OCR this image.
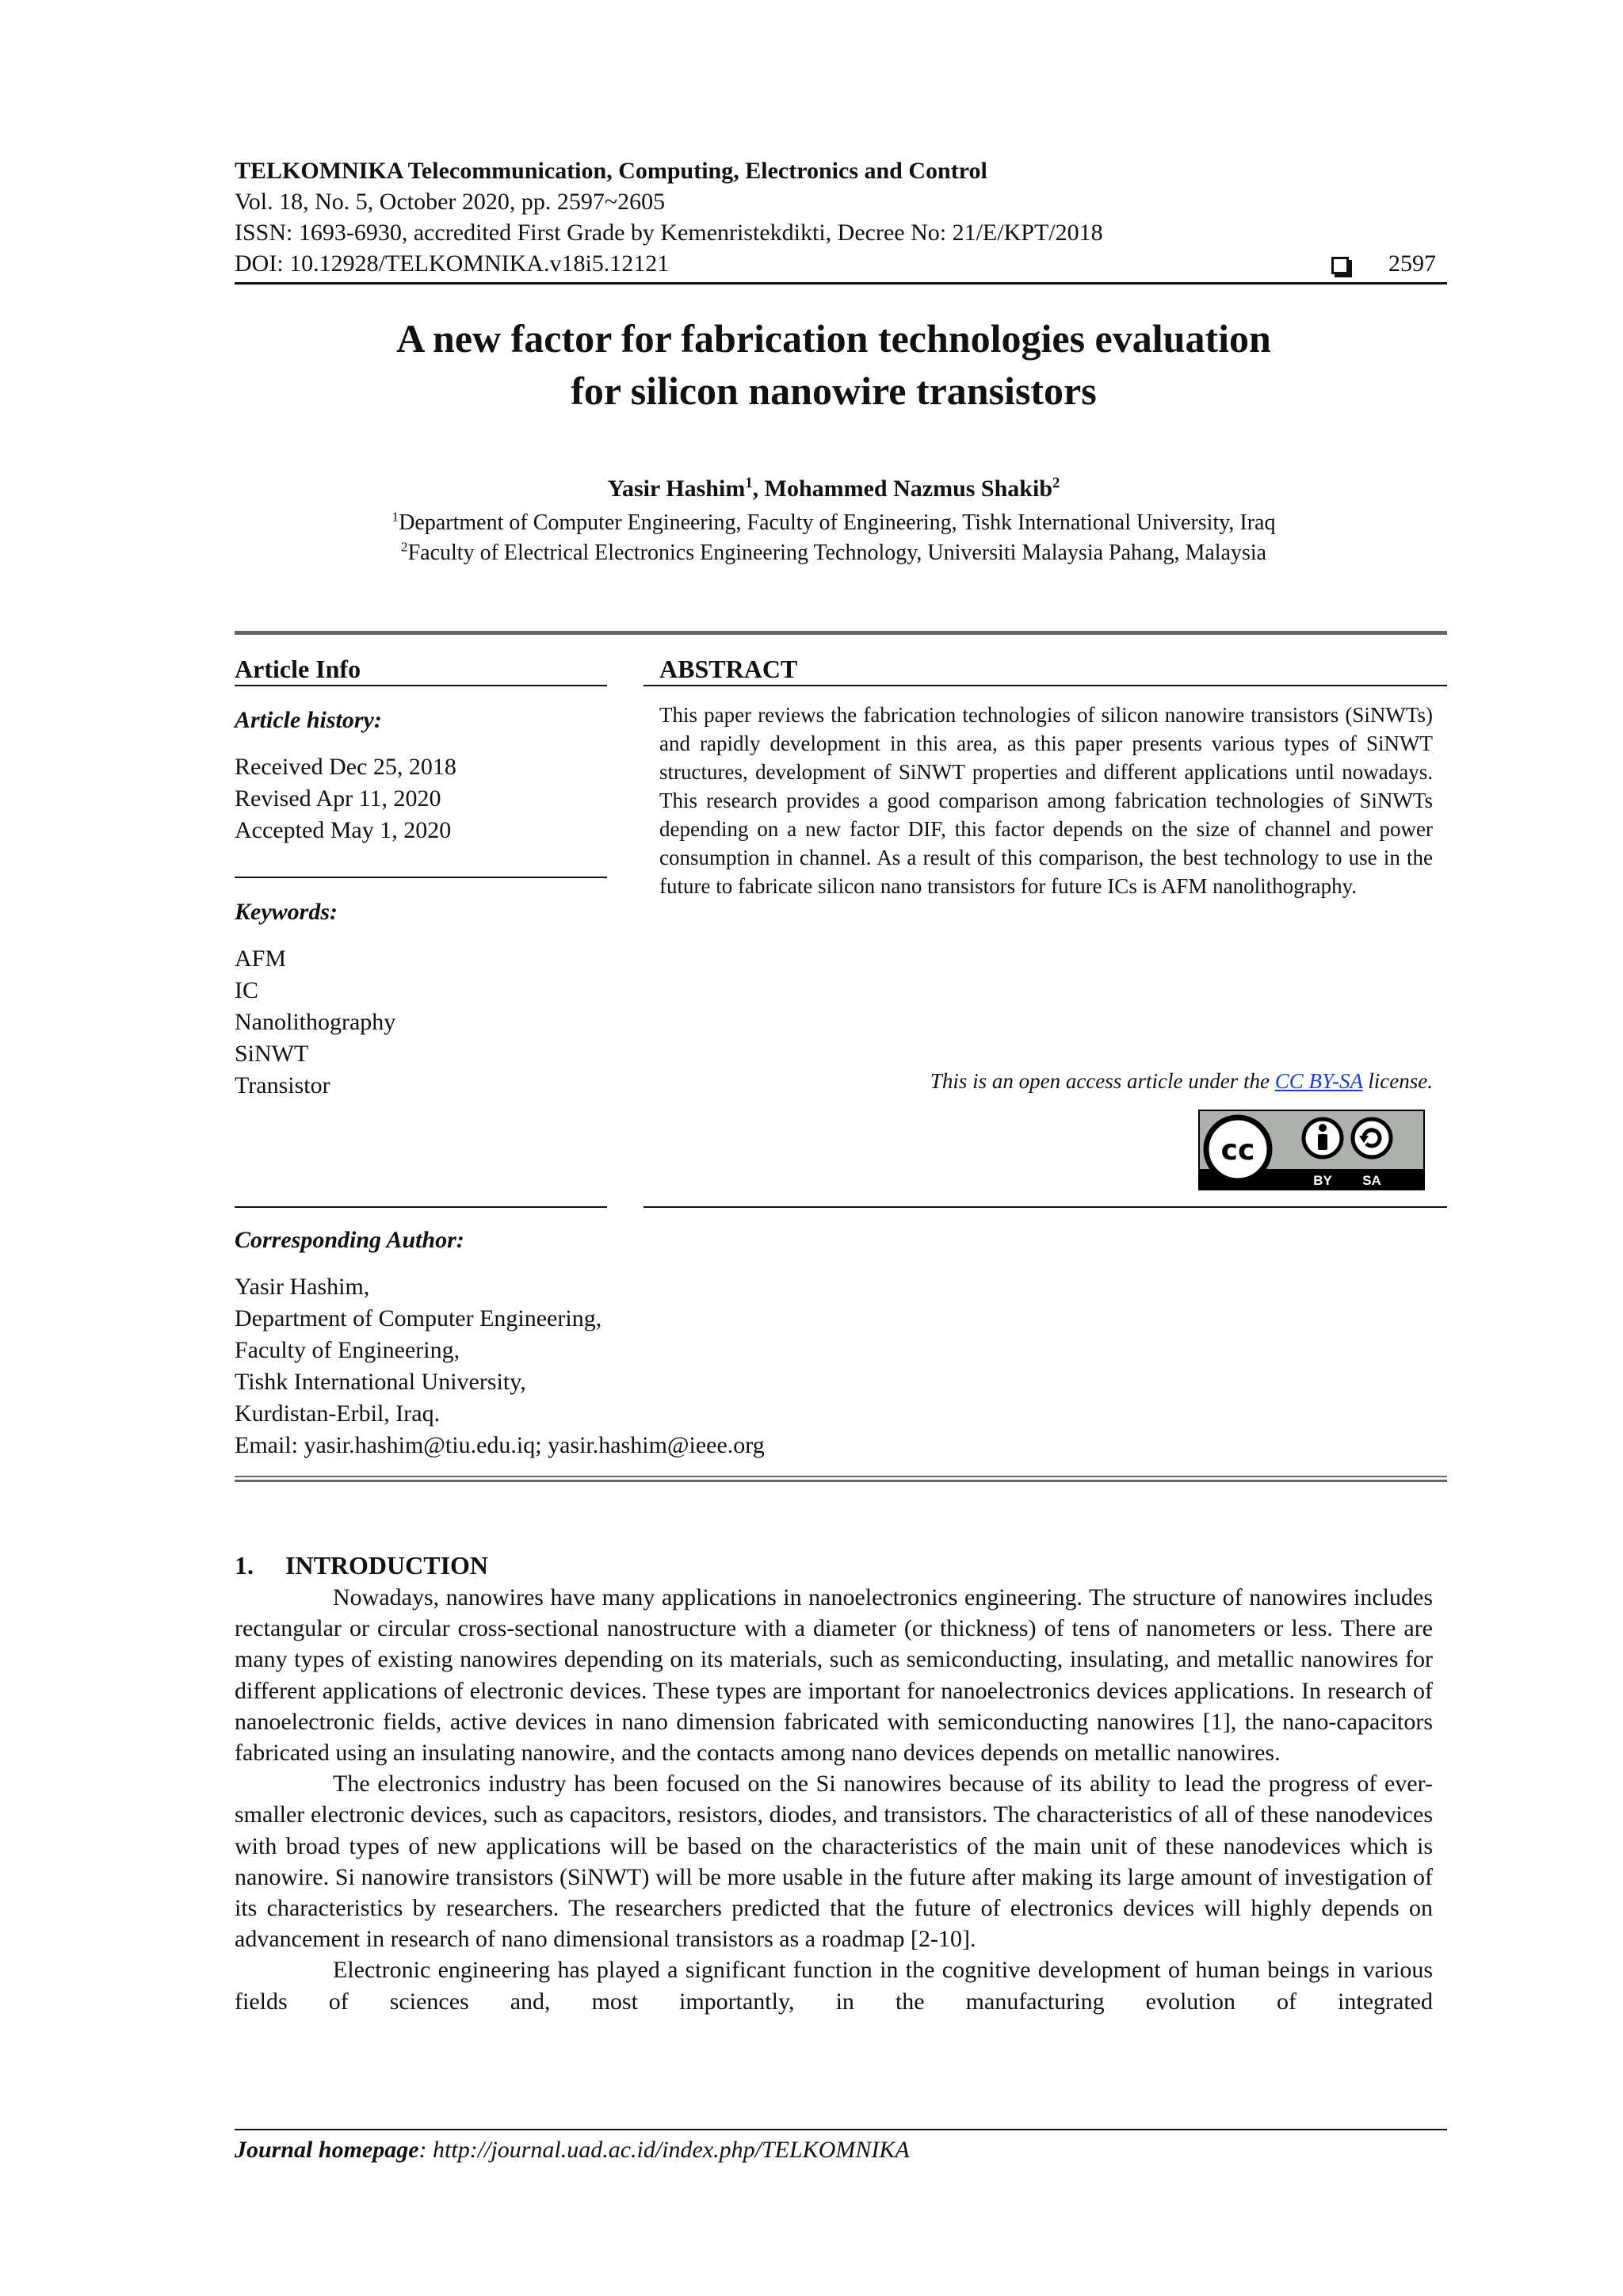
TELKOMNIKA Telecommunication, Computing, Electronics and Control
Vol. 18, No. 5, October 2020, pp. 2597~2605
ISSN: 1693-6930, accredited First Grade by Kemenristekdikti, Decree No: 21/E/KPT/2018
DOI: 10.12928/TELKOMNIKA.v18i5.12121	2597
A new factor for fabrication technologies evaluation
for silicon nanowire transistors
Yasir Hashim$^1$, Mohammed Nazmus Shakib$^2$
$^1$Department of Computer Engineering, Faculty of Engineering, Tishk International University, Iraq
$^2$Faculty of Electrical Electronics Engineering Technology, Universiti Malaysia Pahang, Malaysia
Article Info	ABSTRACT
Article history:
Received Dec 25, 2018
Revised Apr 11, 2020
Accepted May 1, 2020
Keywords:
AFM
IC
Nanolithography
SiNWT
Transistor
This paper reviews the fabrication technologies of silicon nanowire transistors (SiNWTs) and rapidly development in this area, as this paper presents various types of SiNWT structures, development of SiNWT properties and different applications until nowadays. This research provides a good comparison among fabrication technologies of SiNWTs depending on a new factor DIF, this factor depends on the size of channel and power consumption in channel. As a result of this comparison, the best technology to use in the future to fabricate silicon nano transistors for future ICs is AFM nanolithography.
This is an open access article under the CC BY-SA license.
cc
BY SA
Corresponding Author:
Yasir Hashim,
Department of Computer Engineering,
Faculty of Engineering,
Tishk International University,
Kurdistan-Erbil, Iraq.
Email: yasir.hashim@tiu.edu.iq; yasir.hashim@ieee.org
1. INTRODUCTION

Nowadays, nanowires have many applications in nanoelectronics engineering. The structure of nanowires includes rectangular or circular cross-sectional nanostructure with a diameter (or thickness) of tens of nanometers or less. There are many types of existing nanowires depending on its materials, such as semiconducting, insulating, and metallic nanowires for different applications of electronic devices. These types are important for nanoelectronics devices applications. In research of nanoelectronic fields, active devices in nano dimension fabricated with semiconducting nanowires [1], the nano-capacitors fabricated using an insulating nanowire, and the contacts among nano devices depends on metallic nanowires.

The electronics industry has been focused on the Si nanowires because of its ability to lead the progress of ever-smaller electronic devices, such as capacitors, resistors, diodes, and transistors. The characteristics of all of these nanodevices with broad types of new applications will be based on the characteristics of the main unit of these nanodevices which is nanowire. Si nanowire transistors (SiNWT) will be more usable in the future after making its large amount of investigation of its characteristics by researchers. The researchers predicted that the future of electronics devices will highly depends on advancement in research of nano dimensional transistors as a roadmap [2-10].

Electronic engineering has played a significant function in the cognitive development of human beings in various fields of sciences and, most importantly, in the manufacturing evolution of integrated

Journal homepage: http://journal.uad.ac.id/index.php/TELKOMNIKA
